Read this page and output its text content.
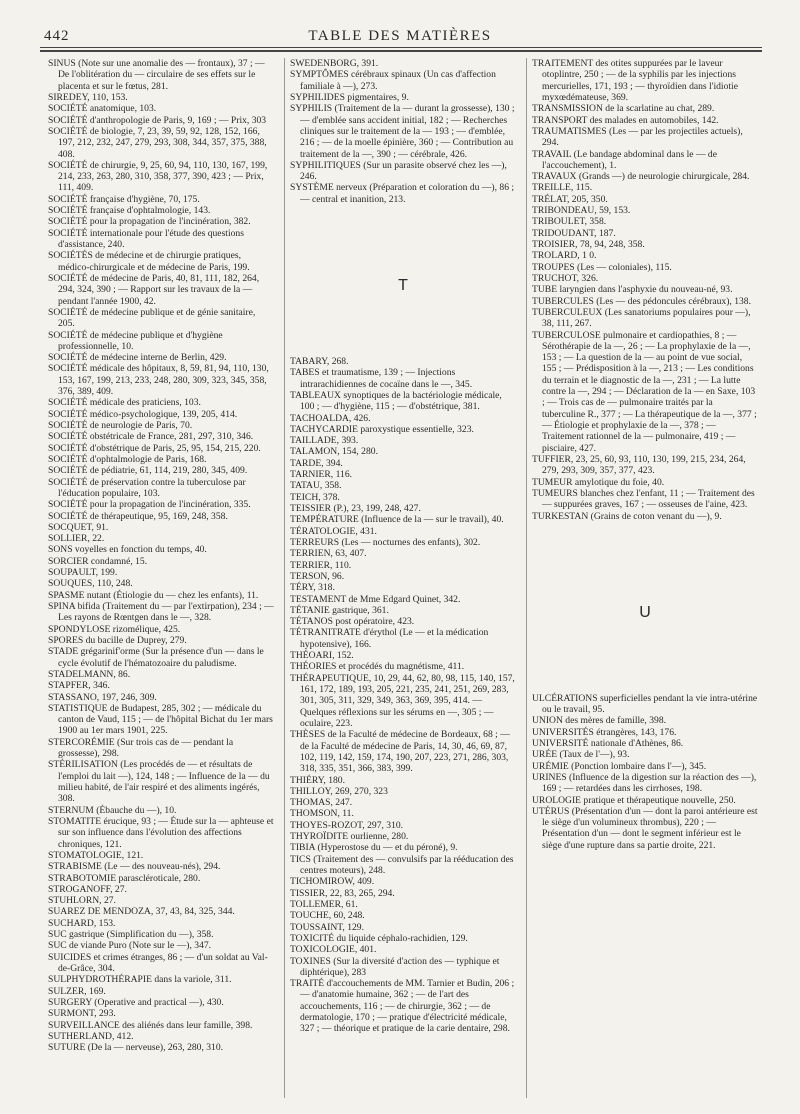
442	TABLE DES MATIÈRES

SINUS (Note sur une anomalie des — frontaux), 37 ; — De l'oblitération du — circulaire de ses effets sur le placenta et sur le fœtus, 281.

SIREDEY, 110, 153.

SOCIÉTÉ anatomique, 103.

SOCIÉTÉ d'anthropologie de Paris, 9, 169 ; — Prix, 303

SOCIÉTÉ de biologie, 7, 23, 39, 59, 92, 128, 152, 166, 197, 212, 232, 247, 279, 293, 308, 344, 357, 375, 388, 408.

SOCIÉTÉ de chirurgie, 9, 25, 60, 94, 110, 130, 167, 199, 214, 233, 263, 280, 310, 358, 377, 390, 423 ; — Prix, 111, 409.

SOCIÉTÉ française d'hygiène, 70, 175.

SOCIÉTÉ française d'ophtalmologie, 143.

SOCIÉTÉ pour la propagation de l'incinération, 382.

SOCIÉTÉ internationale pour l'étude des questions d'assistance, 240.

SOCIÉTÉS de médecine et de chirurgie pratiques, médico-chirurgicale et de médecine de Paris, 199.

SOCIÉTÉ de médecine de Paris, 40, 81, 111, 182, 264, 294, 324, 390 ; — Rapport sur les travaux de la — pendant l'année 1900, 42.

SOCIÉTÉ de médecine publique et de génie sanitaire, 205.

SOCIÉTÉ de médecine publique et d'hygiène professionnelle, 10.

SOCIÉTÉ de médecine interne de Berlin, 429.

SOCIÉTÉ médicale des hôpitaux, 8, 59, 81, 94, 110, 130, 153, 167, 199, 213, 233, 248, 280, 309, 323, 345, 358, 376, 389, 409.

SOCIÉTÉ médicale des praticiens, 103.

SOCIÉTÉ médico-psychologique, 139, 205, 414.

SOCIÉTÉ de neurologie de Paris, 70.

SOCIÉTÉ obstétricale de France, 281, 297, 310, 346.

SOCIÉTÉ d'obstétrique de Paris, 25, 95, 154, 215, 220.

SOCIÉTÉ d'ophtalmologie de Paris, 168.

SOCIÉTÉ de pédiatrie, 61, 114, 219, 280, 345, 409.

SOCIÉTÉ de préservation contre la tuberculose par l'éducation populaire, 103.

SOCIÉTÉ pour la propagation de l'incinération, 335.

SOCIÉTÉ de thérapeutique, 95, 169, 248, 358.

SOCQUET, 91.

SOLLIER, 22.

SONS voyelles en fonction du temps, 40.

SORCIER condamné, 15.

SOUPAULT, 199.

SOUQUES, 110, 248.

SPASME nutant (Étiologie du — chez les enfants), 11.

SPINA bifida (Traitement du — par l'extirpation), 234 ; — Les rayons de Rœntgen dans le —, 328.

SPONDYLOSE rizomélique, 425.

SPORES du bacille de Duprey, 279.

STADE grégarinif'orme (Sur la présence d'un — dans le cycle évolutif de l'hématozoaire du paludisme.

STADELMANN, 86.

STAPFER, 346.

STASSANO, 197, 246, 309.

STATISTIQUE de Budapest, 285, 302 ; — médicale du canton de Vaud, 115 ; — de l'hôpital Bichat du 1er mars 1900 au 1er mars 1901, 225.

STERCORÉMIE (Sur trois cas de — pendant la grossesse), 298.

STÉRILISATION (Les procédés de — et résultats de l'emploi du lait —), 124, 148 ; — Influence de la — du milieu habité, de l'air respiré et des aliments ingérés, 308.

STERNUM (Ébauche du —), 10.

STOMATITE érucique, 93 ; — Étude sur la — aphteuse et sur son influence dans l'évolution des affections chroniques, 121.

STOMATOLOGIE, 121.

STRABISME (Le — des nouveau-nés), 294.

STRABOTOMIE parascléroticale, 280.

STROGANOFF, 27.

STUHLORN, 27.

SUAREZ DE MENDOZA, 37, 43, 84, 325, 344.

SUCHARD, 153.

SUC gastrique (Simplification du —), 358.

SUC de viande Puro (Note sur le —), 347.

SUICIDES et crimes étranges, 86 ; — d'un soldat au Val-de-Grâce, 304.

SULPHYDROTHÉRAPIE dans la variole, 311.

SULZER, 169.

SURGERY (Operative and practical —), 430.

SURMONT, 293.

SURVEILLANCE des aliénés dans leur famille, 398.

SUTHERLAND, 412.

SUTURE (De la — nerveuse), 263, 280, 310.

SWEDENBORG, 391.

SYMPTÔMES cérébraux spinaux (Un cas d'affection familiale à —), 273.

SYPHILIDES pigmentaires, 9.

SYPHILIS (Traitement de la — durant la grossesse), 130 ; — d'emblée sans accident initial, 182 ; — Recherches cliniques sur le traitement de la — 193 ; — d'emblée, 216 ; — de la moelle épinière, 360 ; — Contribution au traitement de la —, 390 ; — cérébrale, 426.

SYPHILITIQUES (Sur un parasite observé chez les —), 246.

SYSTÈME nerveux (Préparation et coloration du —), 86 ; — central et inanition, 213.

T

TABARY, 268.

TABES et traumatisme, 139 ; — Injections intrarachidiennes de cocaïne dans le —, 345.

TABLEAUX synoptiques de la bactériologie médicale, 100 ; — d'hygiène, 115 ; — d'obstétrique, 381.

TACHOALDA, 426.

TACHYCARDIE paroxystique essentielle, 323.

TAILLADE, 393.

TALAMON, 154, 280.

TARDE, 394.

TARNIER, 116.

TATAU, 358.

TEICH, 378.

TEISSIER (P.), 23, 199, 248, 427.

TEMPÉRATURE (Influence de la — sur le travail), 40.

TÉRATOLOGIE, 431.

TERREURS (Les — nocturnes des enfants), 302.

TERRIEN, 63, 407.

TERRIER, 110.

TERSON, 96.

TÉRY, 318.

TESTAMENT de Mme Edgard Quinet, 342.

TÉTANIE gastrique, 361.

TÉTANOS post opératoire, 423.

TÉTRANITRATE d'érythol (Le — et la médication hypotensive), 166.

THÉOARI, 152.

THÉORIES et procédés du magnétisme, 411.

THÉRAPEUTIQUE, 10, 29, 44, 62, 80, 98, 115, 140, 157, 161, 172, 189, 193, 205, 221, 235, 241, 251, 269, 283, 301, 305, 311, 329, 349, 363, 369, 395, 414. — Quelques réflexions sur les sérums en —, 305 ; — oculaire, 223.

THÈSES de la Faculté de médecine de Bordeaux, 68 ; — de la Faculté de médecine de Paris, 14, 30, 46, 69, 87, 102, 119, 142, 159, 174, 190, 207, 223, 271, 286, 303, 318, 335, 351, 366, 383, 399.

THIÉRY, 180.

THILLOY, 269, 270, 323

THOMAS, 247.

THOMSON, 11.

THOYES-ROZOT, 297, 310.

THYROÏDITE ourlienne, 280.

TIBIA (Hyperostose du — et du péroné), 9.

TICS (Traitement des — convulsifs par la rééducation des centres moteurs), 248.

TICHOMIROW, 409.

TISSIER, 22, 83, 265, 294.

TOLLEMER, 61.

TOUCHE, 60, 248.

TOUSSAINT, 129.

TOXICITÉ du liquide céphalo-rachidien, 129.

TOXICOLOGIE, 401.

TOXINES (Sur la diversité d'action des — typhique et diphtérique), 283

TRAITÉ d'accouchements de MM. Tarnier et Budin, 206 ; — d'anatomie humaine, 362 ; — de l'art des accouchements, 116 ; — de chirurgie, 362 ; — de dermatologie, 170 ; — pratique d'électricité médicale, 327 ; — théorique et pratique de la carie dentaire, 298.

TRAITEMENT des otites suppurées par le laveur otoplintre, 250 ; — de la syphilis par les injections mercurielles, 171, 193 ; — thyroïdien dans l'idiotie myxœdémateuse, 369.

TRANSMISSION de la scarlatine au chat, 289.

TRANSPORT des malades en automobiles, 142.

TRAUMATISMES (Les — par les projectiles actuels), 294.

TRAVAIL (Le bandage abdominal dans le — de l'accouchement), 1.

TRAVAUX (Grands —) de neurologie chirurgicale, 284.

TREILLE, 115.

TRÉLAT, 205, 350.

TRIBONDEAU, 59, 153.

TRIBOULET, 358.

TRIDOUDANT, 187.

TROISIER, 78, 94, 248, 358.

TROLARD, 1 0.

TROUPES (Les — coloniales), 115.

TRUCHOT, 326.

TUBE laryngien dans l'asphyxie du nouveau-né, 93.

TUBERCULES (Les — des pédoncules cérébraux), 138.

TUBERCULEUX (Les sanatoriums populaires pour —), 38, 111, 267.

TUBERCULOSE pulmonaire et cardiopathies, 8 ; — Sérothérapie de la —, 26 ; — La prophylaxie de la —, 153 ; — La question de la — au point de vue social, 155 ; — Prédisposition à la —, 213 ; — Les conditions du terrain et le diagnostic de la —, 231 ; — La lutte contre la —, 294 ; — Déclaration de la — en Saxe, 103 ; — Trois cas de — pulmonaire traités par la tuberculine R., 377 ; — La thérapeutique de la —, 377 ; — Étiologie et prophylaxie de la —, 378 ; — Traitement rationnel de la — pulmonaire, 419 ; — pisciaire, 427.

TUFFIER, 23, 25, 60, 93, 110, 130, 199, 215, 234, 264, 279, 293, 309, 357, 377, 423.

TUMEUR amylotique du foie, 40.

TUMEURS blanches chez l'enfant, 11 ; — Traitement des — suppurées graves, 167 ; — osseuses de l'aine, 423.

TURKESTAN (Grains de coton venant du —), 9.

U

ULCÉRATIONS superficielles pendant la vie intra-utérine ou le travail, 95.

UNION des mères de famille, 398.

UNIVERSITÉS étrangères, 143, 176.

UNIVERSITÉ nationale d'Athènes, 86.

URÉE (Taux de l'—), 93.

URÉMIE (Ponction lombaire dans l'—), 345.

URINES (Influence de la digestion sur la réaction des —), 169 ; — retardées dans les cirrhoses, 198.

UROLOGIE pratique et thérapeutique nouvelle, 250.

UTÉRUS (Présentation d'un — dont la paroi antérieure est le siège d'un volumineux thrombus), 220 ; — Présentation d'un — dont le segment inférieur est le siège d'une rupture dans sa partie droite, 221.
